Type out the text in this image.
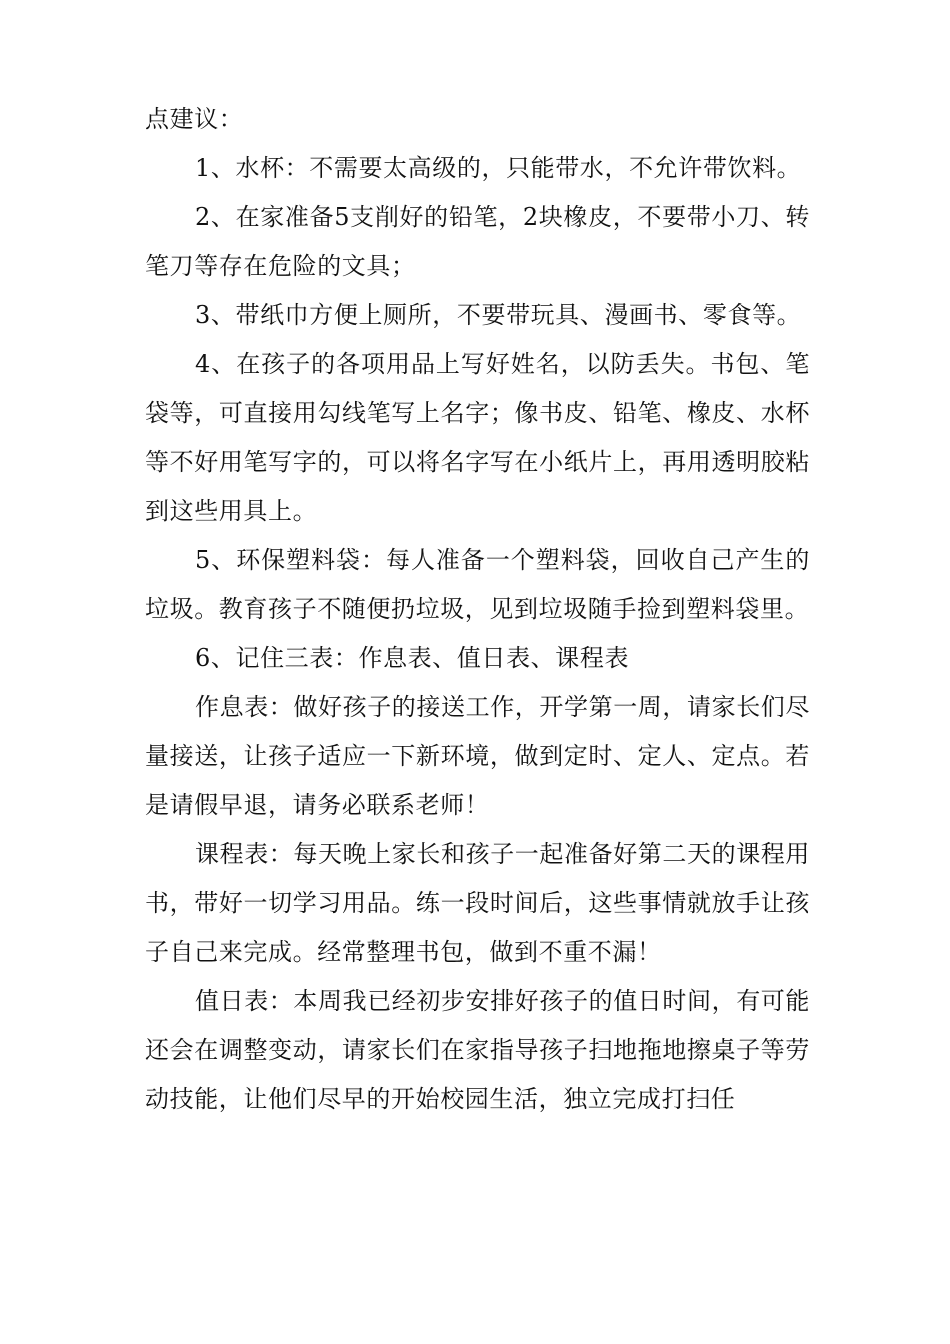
点建议：

1、水杯：不需要太高级的，只能带水，不允许带饮料。

2、在家准备5支削好的铅笔，2块橡皮，不要带小刀、转笔刀等存在危险的文具；

3、带纸巾方便上厕所，不要带玩具、漫画书、零食等。

4、在孩子的各项用品上写好姓名，以防丢失。书包、笔袋等，可直接用勾线笔写上名字；像书皮、铅笔、橡皮、水杯等不好用笔写字的，可以将名字写在小纸片上，再用透明胶粘到这些用具上。

5、环保塑料袋：每人准备一个塑料袋，回收自己产生的垃圾。教育孩子不随便扔垃圾，见到垃圾随手捡到塑料袋里。

6、记住三表：作息表、值日表、课程表

作息表：做好孩子的接送工作，开学第一周，请家长们尽量接送，让孩子适应一下新环境，做到定时、定人、定点。若是请假早退，请务必联系老师！

课程表：每天晚上家长和孩子一起准备好第二天的课程用书，带好一切学习用品。练一段时间后，这些事情就放手让孩子自己来完成。经常整理书包，做到不重不漏！

值日表：本周我已经初步安排好孩子的值日时间，有可能还会在调整变动，请家长们在家指导孩子扫地拖地擦桌子等劳动技能，让他们尽早的开始校园生活，独立完成打扫任
